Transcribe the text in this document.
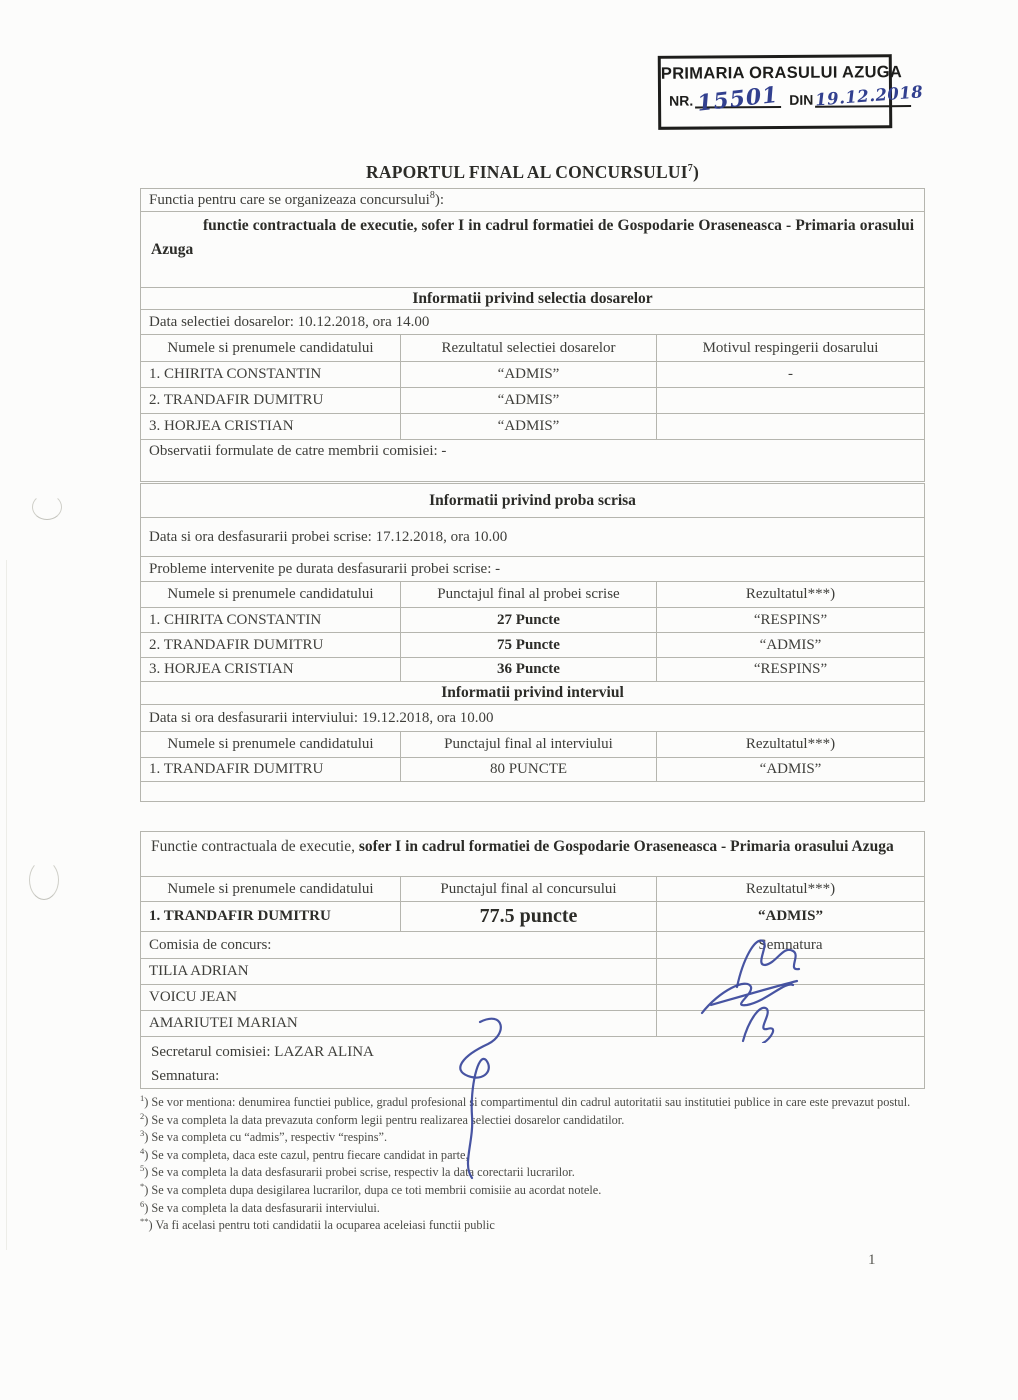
PRIMARIA ORASULUI AZUGA
NR. 15501 DIN19.12.2018
RAPORTUL FINAL AL CONCURSULUI$^7$)
Functia pentru care se organizeaza concursului$^8$):
functie contractuala de executie, sofer I in cadrul formatiei de Gospodarie Oraseneasca - Primaria orasului Azuga
Informatii privind selectia dosarelor
Data selectiei dosarelor: 10.12.2018, ora 14.00
Numele si prenumele candidatului	Rezultatul selectiei dosarelor	Motivul respingerii dosarului
1. CHIRITA CONSTANTIN	“ADMIS”	-
2. TRANDAFIR DUMITRU	“ADMIS”
3. HORJEA CRISTIAN	“ADMIS”
Observatii formulate de catre membrii comisiei: -
Informatii privind proba scrisa
Data si ora desfasurarii probei scrise: 17.12.2018, ora 10.00
Probleme intervenite pe durata desfasurarii probei scrise: -
Numele si prenumele candidatului	Punctajul final al probei scrise	Rezultatul***)
1. CHIRITA CONSTANTIN	27 Puncte	“RESPINS”
2. TRANDAFIR DUMITRU	75 Puncte	“ADMIS”
3. HORJEA CRISTIAN	36 Puncte	“RESPINS”
Informatii privind interviul
Data si ora desfasurarii interviului: 19.12.2018, ora 10.00
Numele si prenumele candidatului	Punctajul final al interviului	Rezultatul***)
1. TRANDAFIR DUMITRU	80 PUNCTE	“ADMIS”
Functie contractuala de executie, sofer I in cadrul formatiei de Gospodarie Oraseneasca - Primaria orasului Azuga
Numele si prenumele candidatului	Punctajul final al concursului	Rezultatul***)
1. TRANDAFIR DUMITRU	77.5 puncte	“ADMIS”
Comisia de concurs:	Semnatura
TILIA ADRIAN
VOICU JEAN
AMARIUTEI MARIAN
Secretarul comisiei: LAZAR ALINA
Semnatura:
$^1$) Se vor mentiona: denumirea functiei publice, gradul profesional si compartimentul din cadrul autoritatii sau institutiei publice in care este prevazut postul.
$^2$) Se va completa la data prevazuta conform legii pentru realizarea selectiei dosarelor candidatilor.
$^3$) Se va completa cu “admis”, respectiv “respins”.
$^4$) Se va completa, daca este cazul, pentru fiecare candidat in parte,
$^5$) Se va completa la data desfasurarii probei scrise, respectiv la data corectarii lucrarilor.
*) Se va completa dupa desigilarea lucrarilor, dupa ce toti membrii comisiie au acordat notele.
$^6$) Se va completa la data desfasurarii interviului.
**) Va fi acelasi pentru toti candidatii la ocuparea aceleiasi functii public
1
